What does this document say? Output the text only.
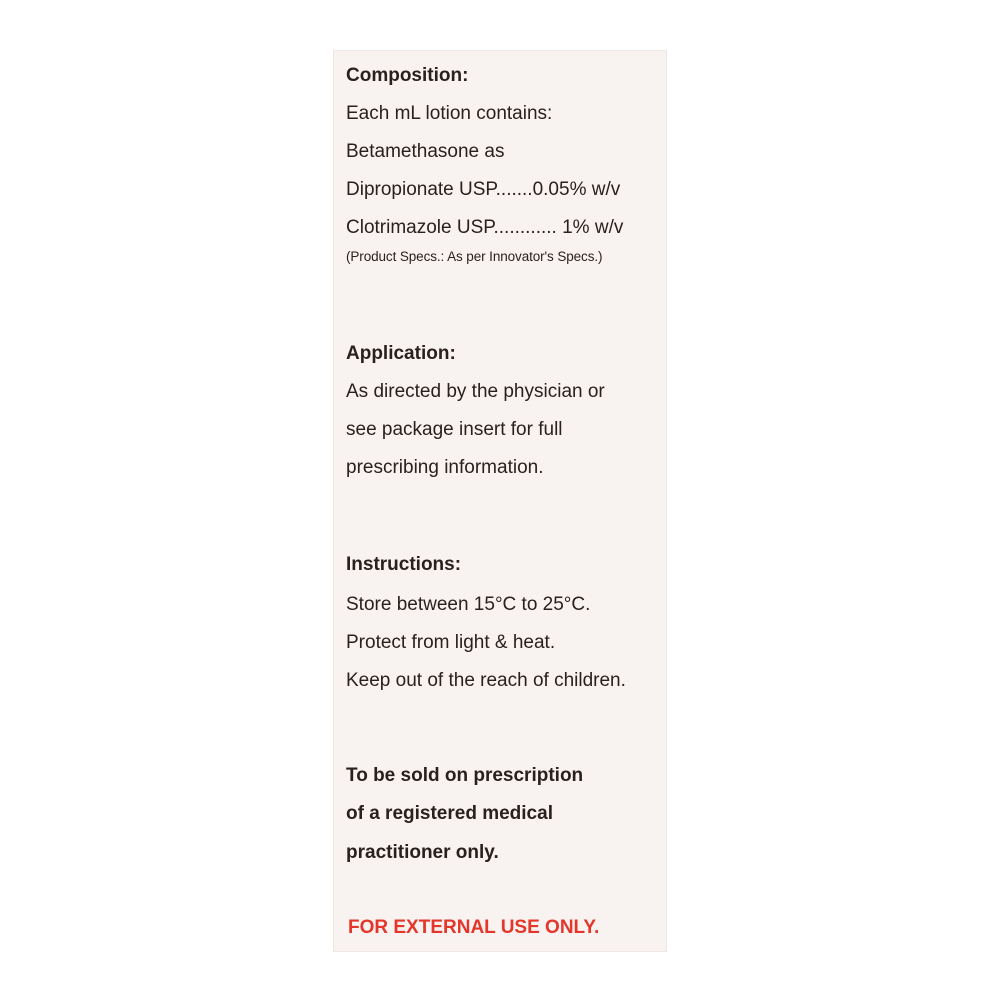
Composition:

Each mL lotion contains:

Betamethasone as

Dipropionate USP.......0.05% w/v

Clotrimazole USP............ 1% w/v

(Product Specs.: As per Innovator's Specs.)

Application:

As directed by the physician or

see package insert for full

prescribing information.

Instructions:

Store between 15°C to 25°C.

Protect from light & heat.

Keep out of the reach of children.

To be sold on prescription

of a registered medical

practitioner only.

FOR EXTERNAL USE ONLY.
